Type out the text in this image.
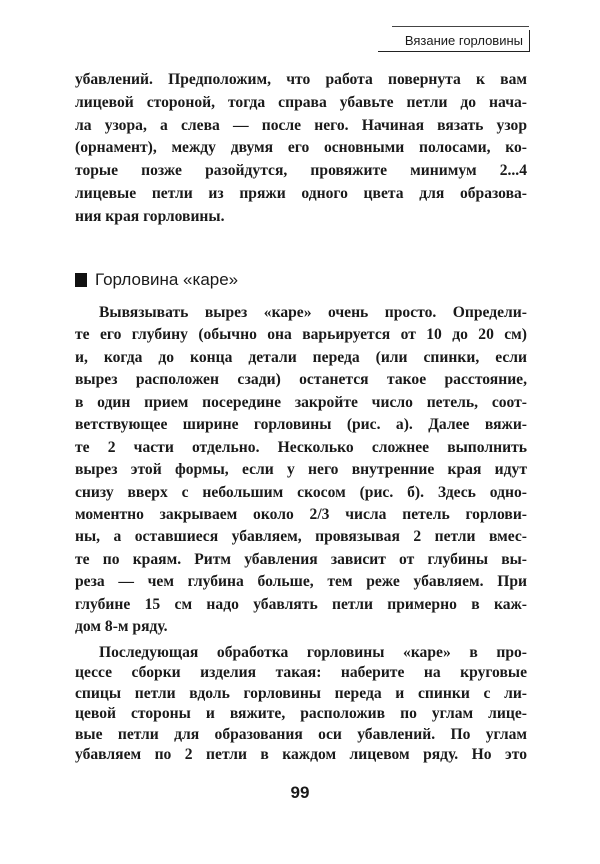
Вязание горловины
убавлений. Предположим, что работа повернута к вам
лицевой стороной, тогда справа убавьте петли до нача-
ла узора, а слева — после него. Начиная вязать узор
(орнамент), между двумя его основными полосами, ко-
торые позже разойдутся, провяжите минимум 2...4
лицевые петли из пряжи одного цвета для образова-
ния края горловины.
Горловина «каре»
Вывязывать вырез «каре» очень просто. Определи-
те его глубину (обычно она варьируется от 10 до 20 см)
и, когда до конца детали переда (или спинки, если
вырез расположен сзади) останется такое расстояние,
в один прием посередине закройте число петель, соот-
ветствующее ширине горловины (рис. а). Далее вяжи-
те 2 части отдельно. Несколько сложнее выполнить
вырез этой формы, если у него внутренние края идут
снизу вверх с небольшим скосом (рис. б). Здесь одно-
моментно закрываем около 2/3 числа петель горлови-
ны, а оставшиеся убавляем, провязывая 2 петли вмес-
те по краям. Ритм убавления зависит от глубины вы-
реза — чем глубина больше, тем реже убавляем. При
глубине 15 см надо убавлять петли примерно в каж-
дом 8-м ряду.
Последующая обработка горловины «каре» в про-
цессе сборки изделия такая: наберите на круговые
спицы петли вдоль горловины переда и спинки с ли-
цевой стороны и вяжите, расположив по углам лице-
вые петли для образования оси убавлений. По углам
убавляем по 2 петли в каждом лицевом ряду. Но это
99
